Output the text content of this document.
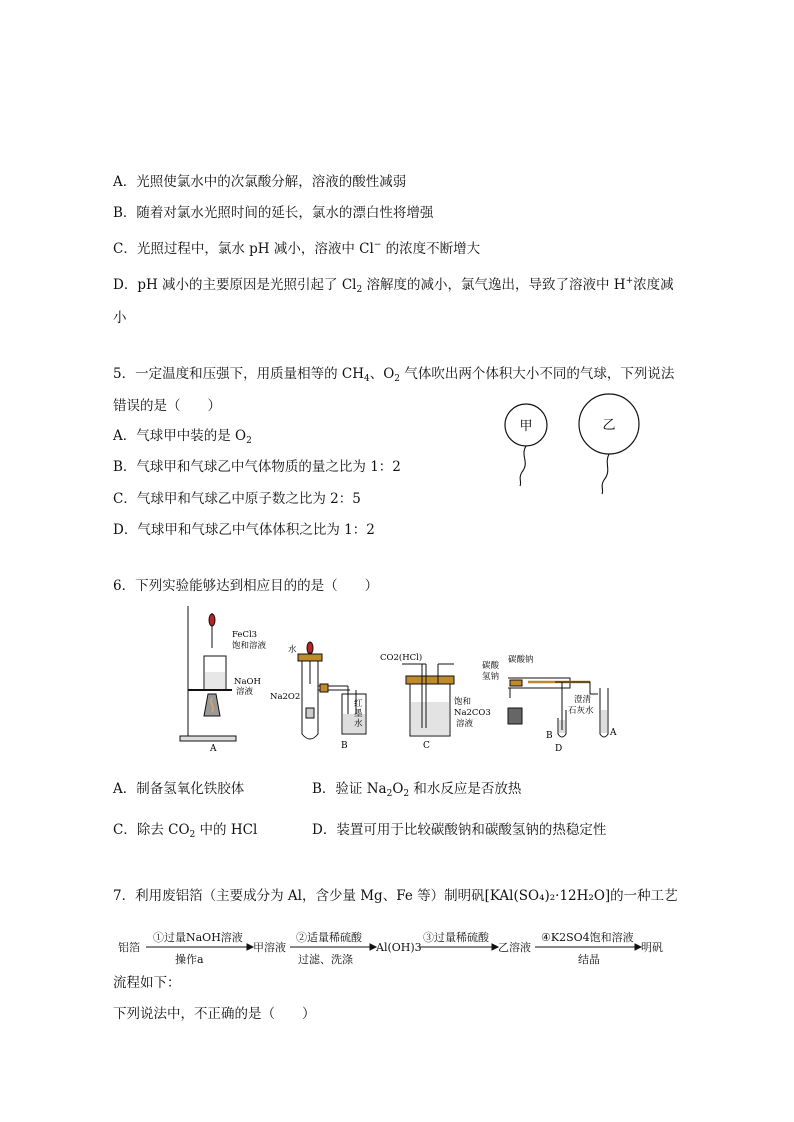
A．光照使氯水中的次氯酸分解，溶液的酸性减弱
B．随着对氯水光照时间的延长，氯水的漂白性将增强
C．光照过程中，氯水 pH 减小，溶液中 Cl− 的浓度不断增大
D．pH 减小的主要原因是光照引起了 $Cl_2$ 溶解度的减小，氯气逸出，导致了溶液中 H+浓度减
小
5．一定温度和压强下，用质量相等的 $CH_4$、$O_2$ 气体吹出两个体积大小不同的气球，下列说法
错误的是（　　）
A．气球甲中装的是 $O_2$
B．气球甲和气球乙中气体物质的量之比为 1：2
C．气球甲和气球乙中原子数之比为 2：5
D．气球甲和气球乙中气体体积之比为 1：2
甲	乙
6．下列实验能够达到相应目的的是（　　）
FeCl3
饱和溶液
NaOH
溶液
A
水
Na2O2
红
墨
水
B
CO2(HCl)
饱和
Na2CO3
溶液
C
碳酸
氢钠
碳酸钠
澄清
石灰水
B
D
A
A．制备氢氧化铁胶体	B．验证 $Na_2O_2$ 和水反应是否放热
C．除去 $CO_2$ 中的 HCl	D．装置可用于比较碳酸钠和碳酸氢钠的热稳定性
7．利用废铝箔（主要成分为 Al，含少量 Mg、Fe 等）制明矾[KAl(SO₄)₂·12H₂O]的一种工艺
铝箔
①过量NaOH溶液
操作a
甲溶液
②适量稀硫酸
过滤、洗涤
Al(OH)3
③过量稀硫酸
乙溶液
④K2SO4饱和溶液
结晶
明矾
流程如下：
下列说法中，不正确的是（　　）
